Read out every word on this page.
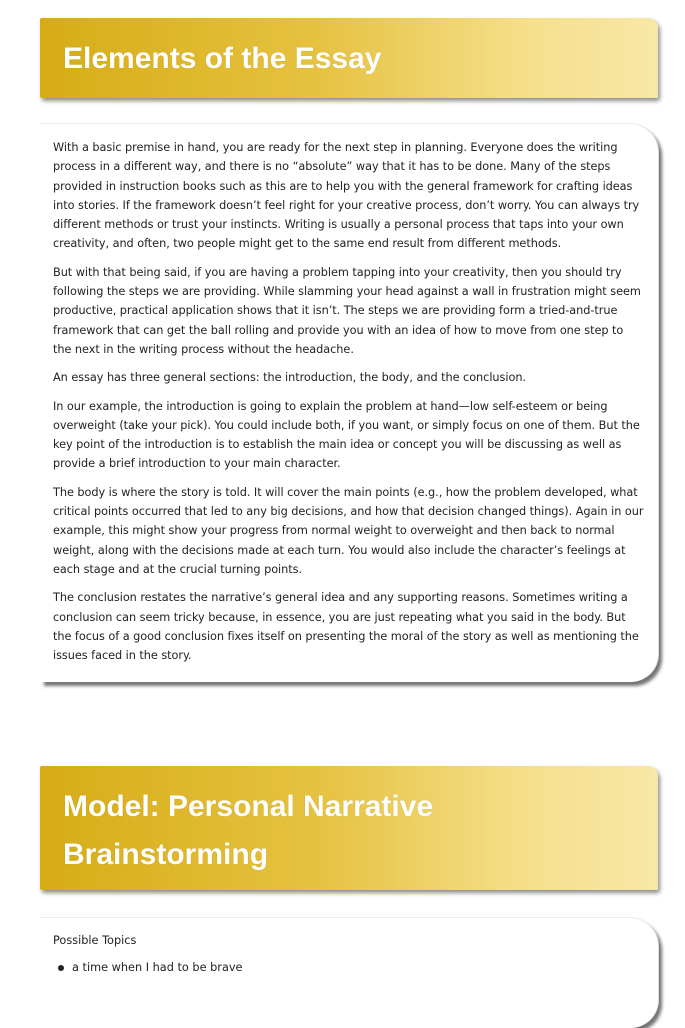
Elements of the Essay

With a basic premise in hand, you are ready for the next step in planning. Everyone does the writing process in a different way, and there is no “absolute” way that it has to be done. Many of the steps provided in instruction books such as this are to help you with the general framework for crafting ideas into stories. If the framework doesn’t feel right for your creative process, don’t worry. You can always try different methods or trust your instincts. Writing is usually a personal process that taps into your own creativity, and often, two people might get to the same end result from different methods.

But with that being said, if you are having a problem tapping into your creativity, then you should try following the steps we are providing. While slamming your head against a wall in frustration might seem productive, practical application shows that it isn’t. The steps we are providing form a tried-and-true framework that can get the ball rolling and provide you with an idea of how to move from one step to the next in the writing process without the headache.

An essay has three general sections: the introduction, the body, and the conclusion.

In our example, the introduction is going to explain the problem at hand—low self-esteem or being overweight (take your pick). You could include both, if you want, or simply focus on one of them. But the key point of the introduction is to establish the main idea or concept you will be discussing as well as provide a brief introduction to your main character.

The body is where the story is told. It will cover the main points (e.g., how the problem developed, what critical points occurred that led to any big decisions, and how that decision changed things). Again in our example, this might show your progress from normal weight to overweight and then back to normal weight, along with the decisions made at each turn. You would also include the character’s feelings at each stage and at the crucial turning points.

The conclusion restates the narrative’s general idea and any supporting reasons. Sometimes writing a conclusion can seem tricky because, in essence, you are just repeating what you said in the body. But the focus of a good conclusion fixes itself on presenting the moral of the story as well as mentioning the issues faced in the story.

Model: Personal Narrative
Brainstorming
Possible Topics
a time when I had to be brave
